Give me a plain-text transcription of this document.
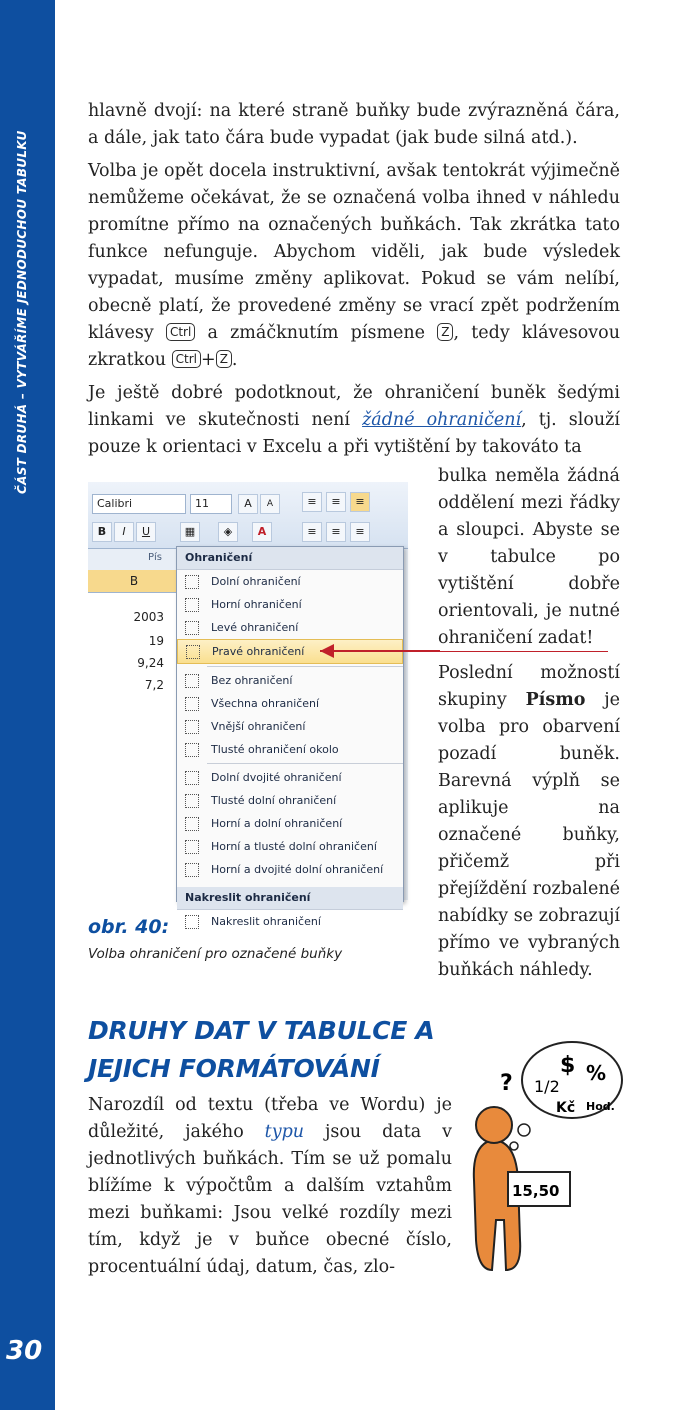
ČÁST DRUHÁ – VYTVÁŘÍME JEDNODUCHOU TABULKU
30

hlavně dvojí: na které straně buňky bude zvýrazněná čára, a dále, jak tato čára bude vypadat (jak bude silná atd.).

Volba je opět docela instruktivní, avšak tentokrát výjimečně nemůžeme očekávat, že se označená volba ihned v náhledu promítne přímo na označených buňkách. Tak zkrátka tato funkce nefunguje. Abychom viděli, jak bude výsledek vypadat, musíme změny aplikovat. Pokud se vám nelíbí, obecně platí, že provedené změny se vrací zpět podržením klávesy Ctrl a zmáčknutím písmene Z , tedy klávesovou zkratkou Ctrl + Z .

Je ještě dobré podotknout, že ohraničení buněk šedými linkami ve skutečnosti není žádné ohraničení, tj. slouží pouze k orientaci v Excelu a při vytištění by takováto ta
Calibri	11	A	A
B	I	U	▦	◈	A
≡	≡	≡
≡	≡	≡
Pís
B
2003
19
9,24
7,2
Ohraničení
Dolní ohraničení
Horní ohraničení
Levé ohraničení
Pravé ohraničení
Bez ohraničení
Všechna ohraničení
Vnější ohraničení
Tlusté ohraničení okolo
Dolní dvojité ohraničení
Tlusté dolní ohraničení
Horní a dolní ohraničení
Horní a tlusté dolní ohraničení
Horní a dvojité dolní ohraničení
Nakreslit ohraničení
Nakreslit ohraničení
bulka neměla žádná oddělení mezi řádky a sloupci. Abyste se v tabulce po vytištění dobře orientovali, je nutné ohraničení zadat!
Poslední možností skupiny Písmo je volba pro obarvení pozadí buněk. Barevná výplň se aplikuje na označené buňky, přičemž při přejíždění rozbalené nabídky se zobrazují přímo ve vybraných buňkách náhledy.
obr. 40:
Volba ohraničení pro označené buňky
DRUHY DAT V TABULCE A JEJICH FORMÁTOVÁNÍ
Narozdíl od textu (třeba ve Wordu) je důležité, jakého typu jsou data v jednotlivých buňkách. Tím se už pomalu blížíme k výpočtům a dalším vztahům mezi buňkami: Jsou velké rozdíly mezi tím, když je v buňce obecné číslo, procentuální údaj, datum, čas, zlo-
? 1/2
$ %
Kč Hod.
15,50
